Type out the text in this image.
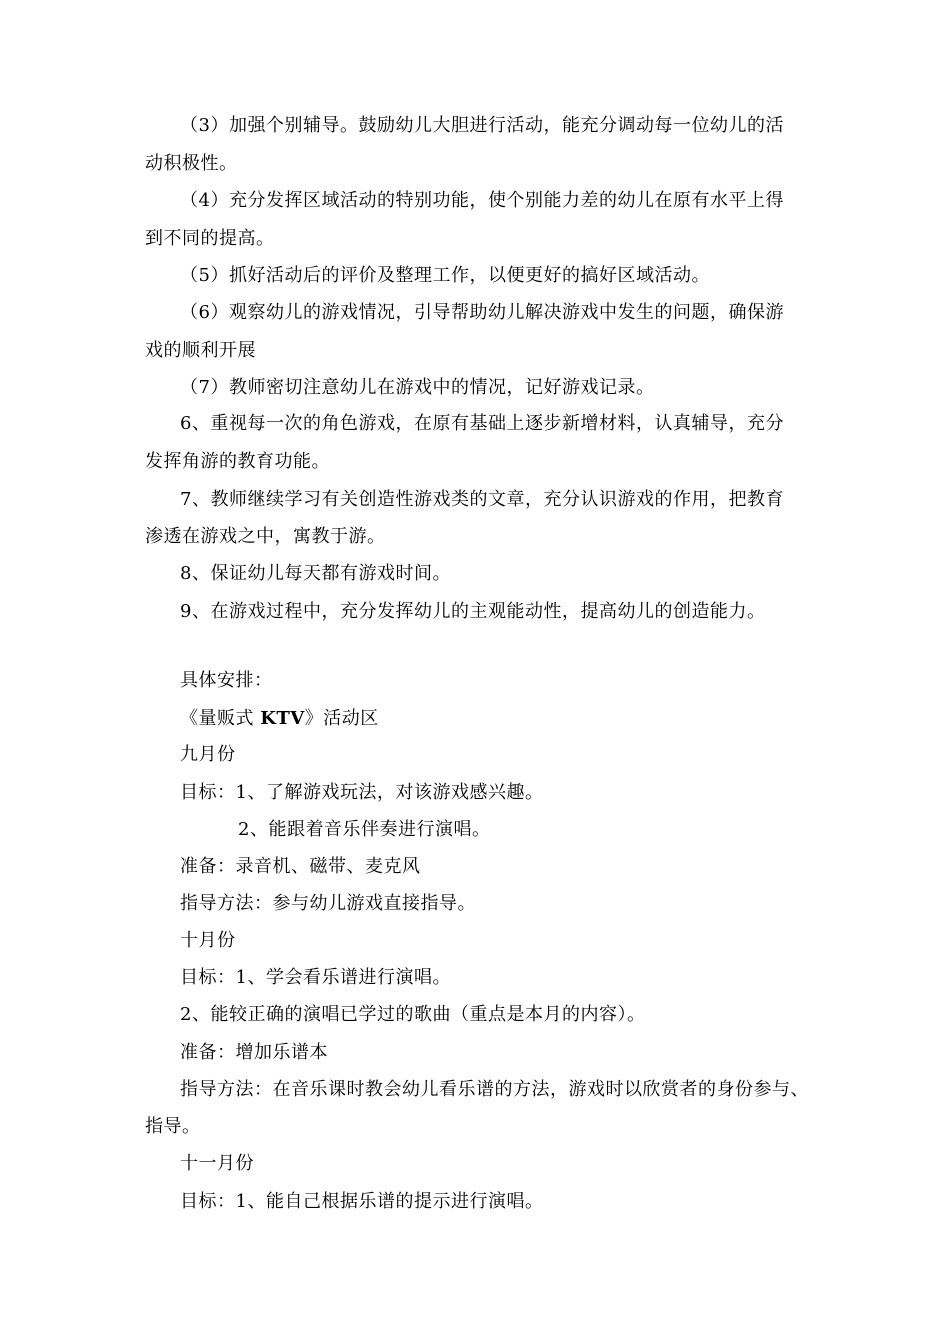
（3）加强个别辅导。鼓励幼儿大胆进行活动，能充分调动每一位幼儿的活
动积极性。
（4）充分发挥区域活动的特别功能，使个别能力差的幼儿在原有水平上得
到不同的提高。
（5）抓好活动后的评价及整理工作，以便更好的搞好区域活动。
（6）观察幼儿的游戏情况，引导帮助幼儿解决游戏中发生的问题，确保游
戏的顺利开展
（7）教师密切注意幼儿在游戏中的情况，记好游戏记录。
6、重视每一次的角色游戏，在原有基础上逐步新增材料，认真辅导，充分
发挥角游的教育功能。
7、教师继续学习有关创造性游戏类的文章，充分认识游戏的作用，把教育
渗透在游戏之中，寓教于游。
8、保证幼儿每天都有游戏时间。
9、在游戏过程中，充分发挥幼儿的主观能动性，提高幼儿的创造能力。
具体安排：
《量贩式 KTV》活动区
九月份
目标：1、了解游戏玩法，对该游戏感兴趣。
2、能跟着音乐伴奏进行演唱。
准备：录音机、磁带、麦克风
指导方法：参与幼儿游戏直接指导。
十月份
目标：1、学会看乐谱进行演唱。
2、能较正确的演唱已学过的歌曲（重点是本月的内容）。
准备：增加乐谱本
指导方法：在音乐课时教会幼儿看乐谱的方法，游戏时以欣赏者的身份参与、
指导。
十一月份
目标：1、能自己根据乐谱的提示进行演唱。
